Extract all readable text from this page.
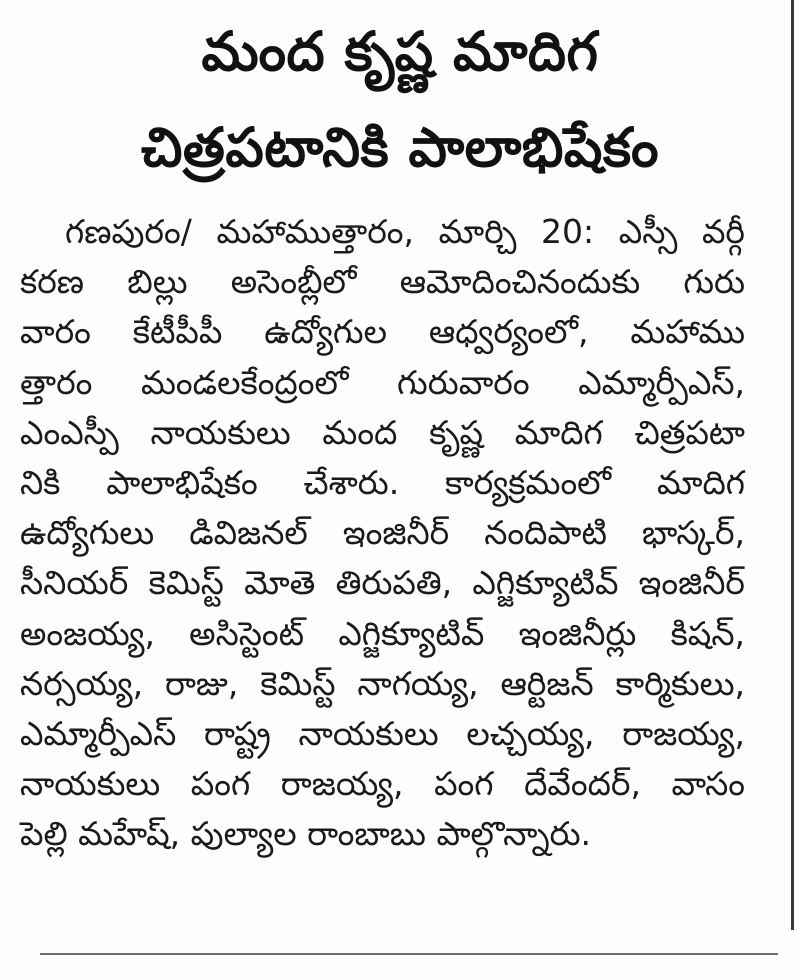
మంద కృష్ణ మాదిగ
చిత్రపటానికి పాలాభిషేకం
గణపురం/ మహాముత్తారం, మార్చి 20: ఎస్సీ వర్గీ
కరణ బిల్లు అసెంబ్లీలో ఆమోదించినందుకు గురు
వారం కేటీపీపీ ఉద్యోగుల ఆధ్వర్యంలో, మహాము
త్తారం మండలకేంద్రంలో గురువారం ఎమ్మార్పీఎస్,
ఎంఎస్పీ నాయకులు మంద కృష్ణ మాదిగ చిత్రపటా
నికి పాలాభిషేకం చేశారు. కార్యక్రమంలో మాదిగ
ఉద్యోగులు డివిజనల్ ఇంజినీర్ నందిపాటి భాస్కర్,
సీనియర్ కెమిస్ట్ మోతె తిరుపతి, ఎగ్జిక్యూటివ్ ఇంజినీర్
అంజయ్య, అసిస్టెంట్ ఎగ్జిక్యూటివ్ ఇంజినీర్లు కిషన్,
నర్సయ్య, రాజు, కెమిస్ట్ నాగయ్య, ఆర్టిజన్ కార్మికులు,
ఎమ్మార్పీఎస్ రాష్ట్ర నాయకులు లచ్చయ్య, రాజయ్య,
నాయకులు పంగ రాజయ్య, పంగ దేవేందర్, వాసం
పెల్లి మహేష్, పుల్యాల రాంబాబు పాల్గొన్నారు.
